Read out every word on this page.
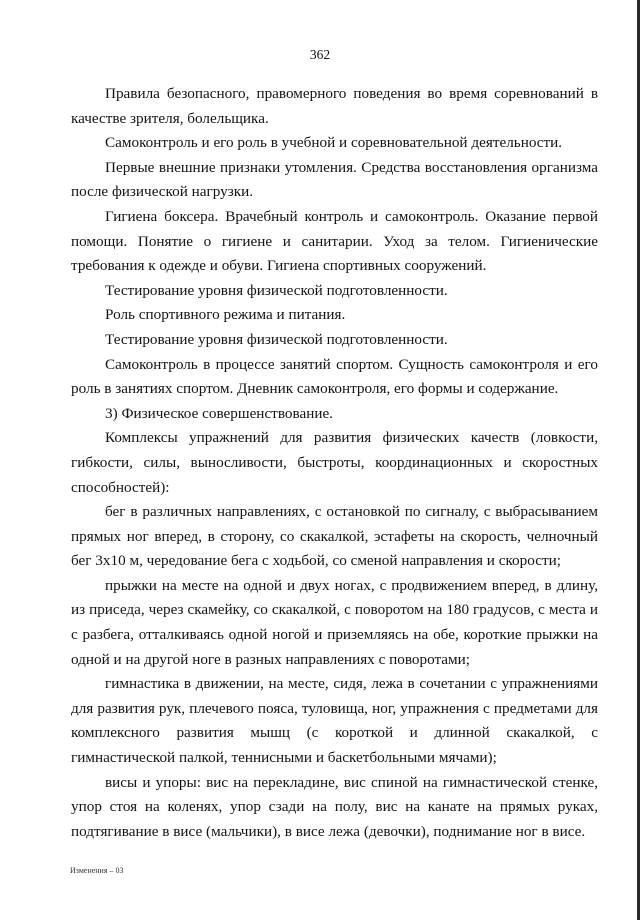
362

Правила безопасного, правомерного поведения во время соревнований в качестве зрителя, болельщика.

Самоконтроль и его роль в учебной и соревновательной деятельности.

Первые внешние признаки утомления. Средства восстановления организма после физической нагрузки.

Гигиена боксера. Врачебный контроль и самоконтроль. Оказание первой помощи. Понятие о гигиене и санитарии. Уход за телом. Гигиенические требования к одежде и обуви. Гигиена спортивных сооружений.

Тестирование уровня физической подготовленности.

Роль спортивного режима и питания.

Тестирование уровня физической подготовленности.

Самоконтроль в процессе занятий спортом. Сущность самоконтроля и его роль в занятиях спортом. Дневник самоконтроля, его формы и содержание.

3) Физическое совершенствование.

Комплексы упражнений для развития физических качеств (ловкости, гибкости, силы, выносливости, быстроты, координационных и скоростных способностей):

бег в различных направлениях, с остановкой по сигналу, с выбрасыванием прямых ног вперед, в сторону, со скакалкой, эстафеты на скорость, челночный бег 3x10 м, чередование бега с ходьбой, со сменой направления и скорости;

прыжки на месте на одной и двух ногах, с продвижением вперед, в длину, из приседа, через скамейку, со скакалкой, с поворотом на 180 градусов, с места и с разбега, отталкиваясь одной ногой и приземляясь на обе, короткие прыжки на одной и на другой ноге в разных направлениях с поворотами;

гимнастика в движении, на месте, сидя, лежа в сочетании с упражнениями для развития рук, плечевого пояса, туловища, ног, упражнения с предметами для комплексного развития мышц (с короткой и длинной скакалкой, с гимнастической палкой, теннисными и баскетбольными мячами);

висы и упоры: вис на перекладине, вис спиной на гимнастической стенке, упор стоя на коленях, упор сзади на полу, вис на канате на прямых руках, подтягивание в висе (мальчики), в висе лежа (девочки), поднимание ног в висе.

Изменения – 03
